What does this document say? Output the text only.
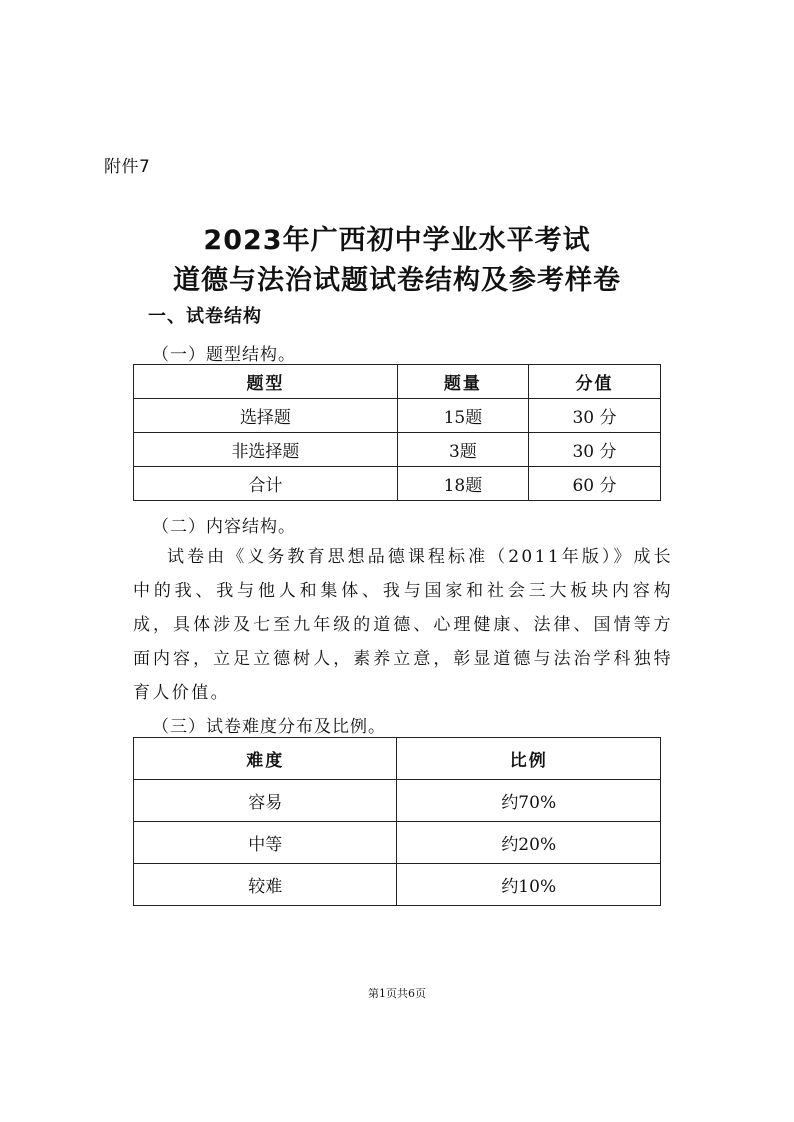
附件7
2023年广西初中学业水平考试
道德与法治试题试卷结构及参考样卷
一、试卷结构
（一）题型结构。
题型	题量	分值
选择题	15题	30 分
非选择题	3题	30 分
合计	18题	60 分
（二）内容结构。

试卷由《义务教育思想品德课程标准（2011年版）》成长中的我、我与他人和集体、我与国家和社会三大板块内容构成，具体涉及七至九年级的道德、心理健康、法律、国情等方面内容，立足立德树人，素养立意，彰显道德与法治学科独特育人价值。

（三）试卷难度分布及比例。
难度	比例
容易	约70%
中等	约20%
较难	约10%
第1页共6页
